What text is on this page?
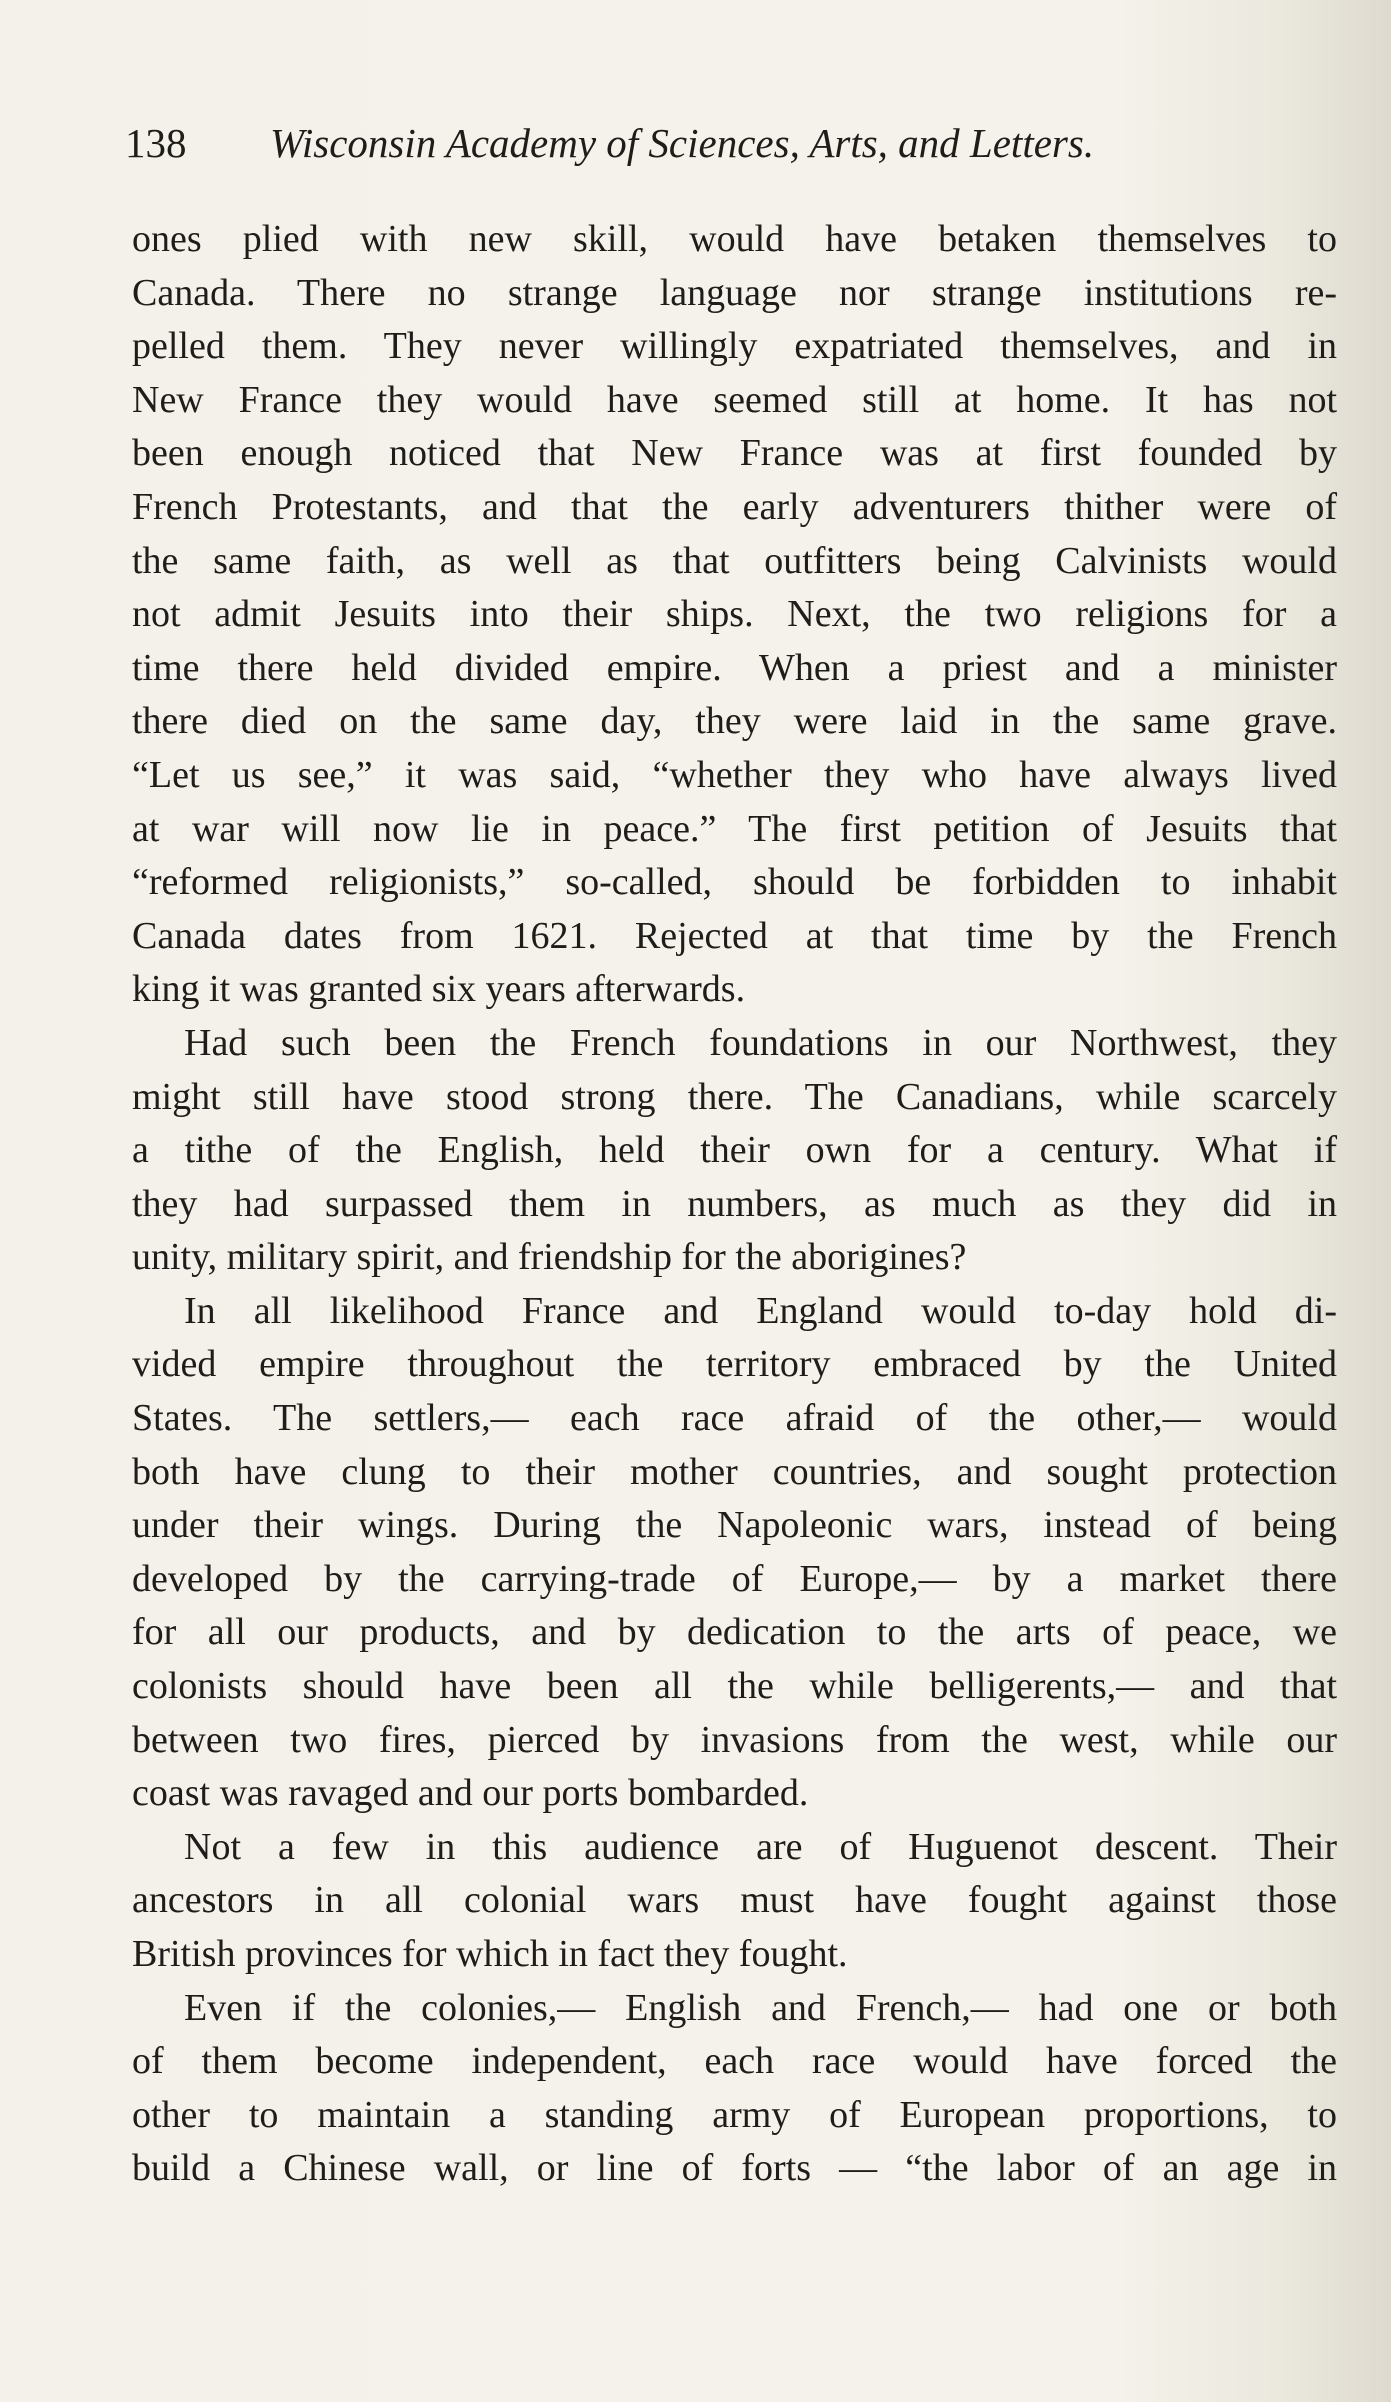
138 Wisconsin Academy of Sciences, Arts, and Letters.
ones plied with new skill, would have betaken themselves to
Canada. There no strange language nor strange institutions re-
pelled them. They never willingly expatriated themselves, and in
New France they would have seemed still at home. It has not
been enough noticed that New France was at first founded by
French Protestants, and that the early adventurers thither were of
the same faith, as well as that outfitters being Calvinists would
not admit Jesuits into their ships. Next, the two religions for a
time there held divided empire. When a priest and a minister
there died on the same day, they were laid in the same grave.
“Let us see,” it was said, “whether they who have always lived
at war will now lie in peace.” The first petition of Jesuits that
“reformed religionists,” so-called, should be forbidden to inhabit
Canada dates from 1621. Rejected at that time by the French
king it was granted six years afterwards.
Had such been the French foundations in our Northwest, they
might still have stood strong there. The Canadians, while scarcely
a tithe of the English, held their own for a century. What if
they had surpassed them in numbers, as much as they did in
unity, military spirit, and friendship for the aborigines?
In all likelihood France and England would to-day hold di-
vided empire throughout the territory embraced by the United
States. The settlers,— each race afraid of the other,— would
both have clung to their mother countries, and sought protection
under their wings. During the Napoleonic wars, instead of being
developed by the carrying-trade of Europe,— by a market there
for all our products, and by dedication to the arts of peace, we
colonists should have been all the while belligerents,— and that
between two fires, pierced by invasions from the west, while our
coast was ravaged and our ports bombarded.
Not a few in this audience are of Huguenot descent. Their
ancestors in all colonial wars must have fought against those
British provinces for which in fact they fought.
Even if the colonies,— English and French,— had one or both
of them become independent, each race would have forced the
other to maintain a standing army of European proportions, to
build a Chinese wall, or line of forts — “the labor of an age in
